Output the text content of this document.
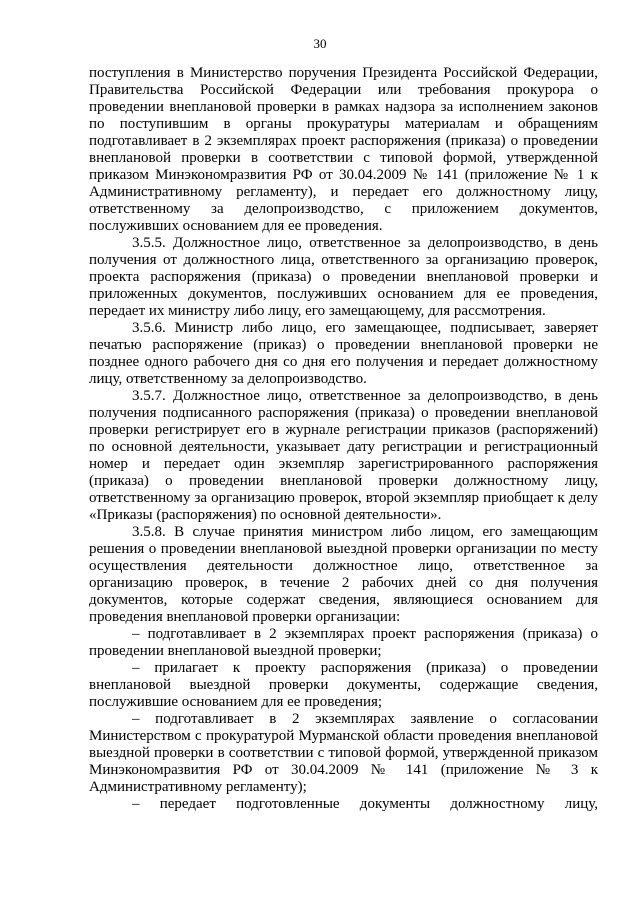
30

поступления в Министерство поручения Президента Российской Федерации, Правительства Российской Федерации или требования прокурора о проведении внеплановой проверки в рамках надзора за исполнением законов по поступившим в органы прокуратуры материалам и обращениям подготавливает в 2 экземплярах проект распоряжения (приказа) о проведении внеплановой проверки в соответствии с типовой формой, утвержденной приказом Минэкономразвития РФ от 30.04.2009 № 141 (приложение № 1 к Административному регламенту), и передает его должностному лицу, ответственному за делопроизводство, с приложением документов, послуживших основанием для ее проведения.

3.5.5. Должностное лицо, ответственное за делопроизводство, в день получения от должностного лица, ответственного за организацию проверок, проекта распоряжения (приказа) о проведении внеплановой проверки и приложенных документов, послуживших основанием для ее проведения, передает их министру либо лицу, его замещающему, для рассмотрения.

3.5.6. Министр либо лицо, его замещающее, подписывает, заверяет печатью распоряжение (приказ) о проведении внеплановой проверки не позднее одного рабочего дня со дня его получения и передает должностному лицу, ответственному за делопроизводство.

3.5.7. Должностное лицо, ответственное за делопроизводство, в день получения подписанного распоряжения (приказа) о проведении внеплановой проверки регистрирует его в журнале регистрации приказов (распоряжений) по основной деятельности, указывает дату регистрации и регистрационный номер и передает один экземпляр зарегистрированного распоряжения (приказа) о проведении внеплановой проверки должностному лицу, ответственному за организацию проверок, второй экземпляр приобщает к делу «Приказы (распоряжения) по основной деятельности».

3.5.8. В случае принятия министром либо лицом, его замещающим решения о проведении внеплановой выездной проверки организации по месту осуществления деятельности должностное лицо, ответственное за организацию проверок, в течение 2 рабочих дней со дня получения документов, которые содержат сведения, являющиеся основанием для проведения внеплановой проверки организации:

– подготавливает в 2 экземплярах проект распоряжения (приказа) о проведении внеплановой выездной проверки;

– прилагает к проекту распоряжения (приказа) о проведении внеплановой выездной проверки документы, содержащие сведения, послужившие основанием для ее проведения;

– подготавливает в 2 экземплярах заявление о согласовании Министерством с прокуратурой Мурманской области проведения внеплановой выездной проверки в соответствии с типовой формой, утвержденной приказом Минэкономразвития РФ от 30.04.2009 № 141 (приложение № 3 к Административному регламенту);

– передает подготовленные документы должностному лицу,
